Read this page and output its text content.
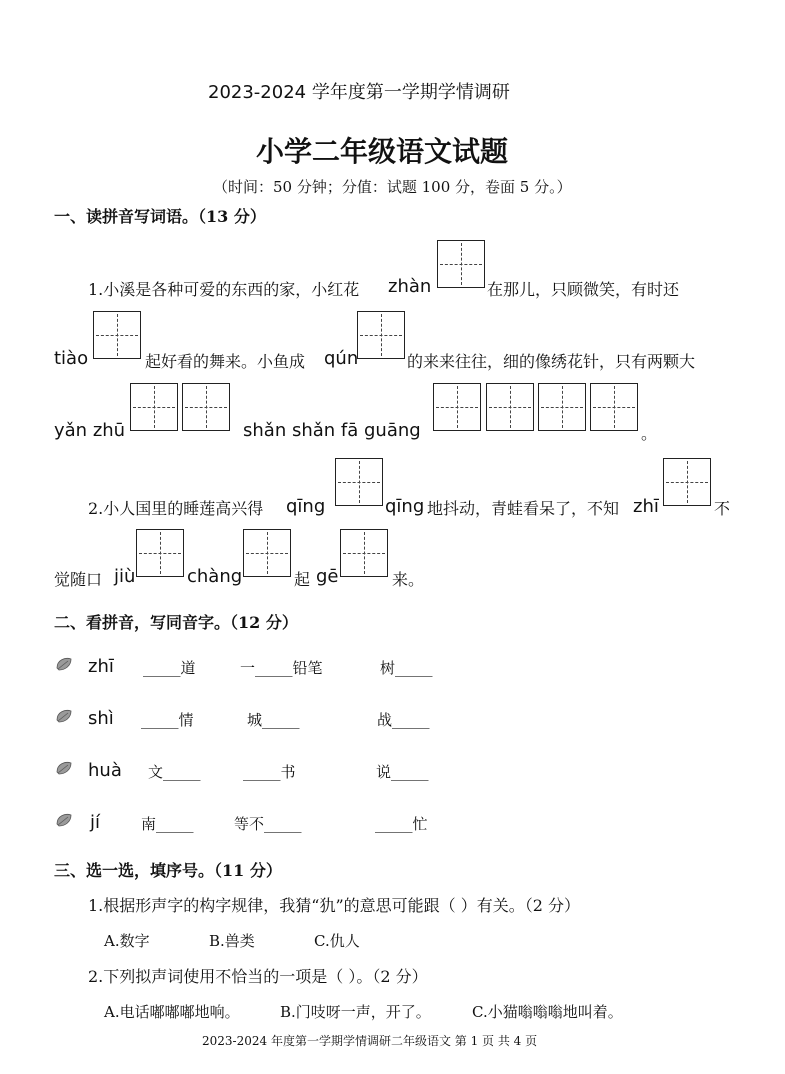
2023-2024 学年度第一学期学情调研
小学二年级语文试题
（时间：50 分钟；分值：试题 100 分，卷面 5 分。）
一、读拼音写词语。（13 分）
1.小溪是各种可爱的东西的家，小红花 zhàn	在那儿，只顾微笑，有时还
tiào	起好看的舞来。小鱼成 qún	的来来往往，细的像绣花针，只有两颗大
yǎn zhū	shǎn shǎn fā guāng	。
2.小人国里的睡莲高兴得 qīng	qīng 地抖动，青蛙看呆了，不知 zhī	不
觉随口 jiù	chàng	起 gē	来。
二、看拼音，写同音字。（12 分）
zhī _____道	一_____铅笔	树_____
shì _____情	城_____	战_____
huà 文_____	_____书	说_____
jí	南_____	等不_____	_____忙
三、选一选，填序号。（11 分）
1.根据形声字的构字规律，我猜“犰”的意思可能跟（ ）有关。（2 分）
A.数字	B.兽类	C.仇人
2.下列拟声词使用不恰当的一项是（ ）。（2 分）
A.电话嘟嘟嘟地响。	B.门吱呀一声，开了。	C.小猫嗡嗡嗡地叫着。
2023-2024 年度第一学期学情调研二年级语文 第 1 页 共 4 页
